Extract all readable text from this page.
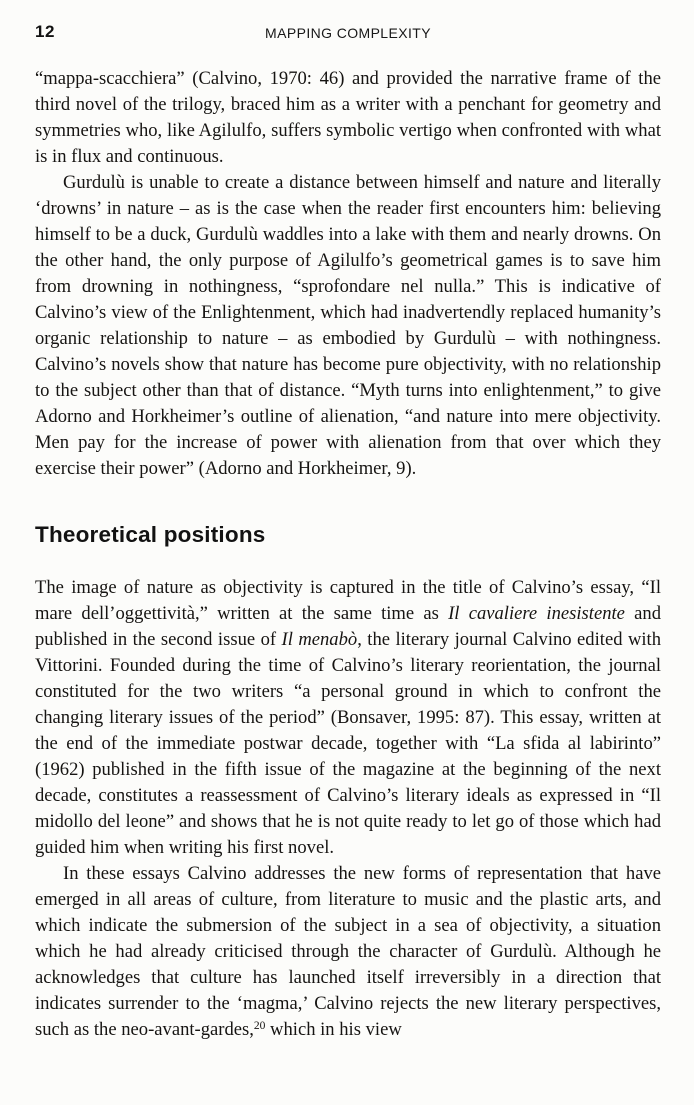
12	MAPPING COMPLEXITY

“mappa-scacchiera” (Calvino, 1970: 46) and provided the narrative frame of the third novel of the trilogy, braced him as a writer with a penchant for geometry and symmetries who, like Agilulfo, suffers symbolic vertigo when confronted with what is in flux and continuous.

Gurdulù is unable to create a distance between himself and nature and literally ‘drowns’ in nature – as is the case when the reader first encounters him: believing himself to be a duck, Gurdulù waddles into a lake with them and nearly drowns. On the other hand, the only purpose of Agilulfo’s geometrical games is to save him from drowning in nothingness, “sprofondare nel nulla.” This is indicative of Calvino’s view of the Enlightenment, which had inadvertendly replaced humanity’s organic relationship to nature – as embodied by Gurdulù – with nothingness. Calvino’s novels show that nature has become pure objectivity, with no relationship to the subject other than that of distance. “Myth turns into enlightenment,” to give Adorno and Horkheimer’s outline of alienation, “and nature into mere objectivity. Men pay for the increase of power with alienation from that over which they exercise their power” (Adorno and Horkheimer, 9).

Theoretical positions

The image of nature as objectivity is captured in the title of Calvino’s essay, “Il mare dell’oggettività,” written at the same time as Il cavaliere inesistente and published in the second issue of Il menabò, the literary journal Calvino edited with Vittorini. Founded during the time of Calvino’s literary reorientation, the journal constituted for the two writers “a personal ground in which to confront the changing literary issues of the period” (Bonsaver, 1995: 87). This essay, written at the end of the immediate postwar decade, together with “La sfida al labirinto” (1962) published in the fifth issue of the magazine at the beginning of the next decade, constitutes a reassessment of Calvino’s literary ideals as expressed in “Il midollo del leone” and shows that he is not quite ready to let go of those which had guided him when writing his first novel.

In these essays Calvino addresses the new forms of representation that have emerged in all areas of culture, from literature to music and the plastic arts, and which indicate the submersion of the subject in a sea of objectivity, a situation which he had already criticised through the character of Gurdulù. Although he acknowledges that culture has launched itself irreversibly in a direction that indicates surrender to the ‘magma,’ Calvino rejects the new literary perspectives, such as the neo-avant-gardes,$^{20}$ which in his view
